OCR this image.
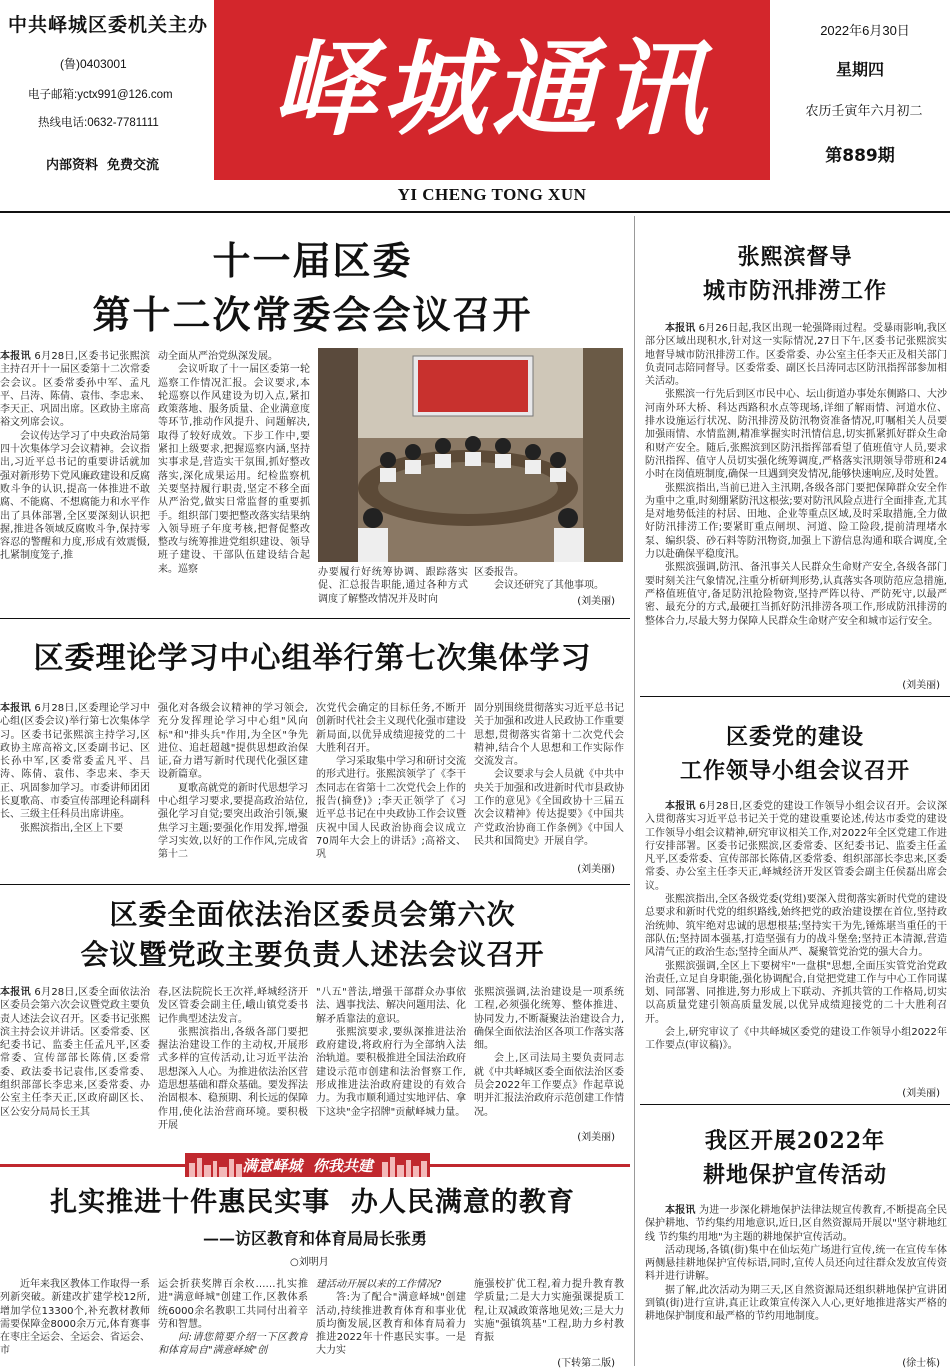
中共峄城区委机关主办
(鲁)0403001
电子邮箱:yctx991@126.com
热线电话:0632-7781111
内部资料  免费交流
峄城通讯
YI CHENG TONG XUN
2022年6月30日
星期四
农历壬寅年六月初二
第889期
十一届区委
第十二次常委会会议召开

本报讯 6月28日,区委书记张熙滨主持召开十一届区委第十二次常委会会议。区委常委孙中军、孟凡平、吕涛、陈倩、袁伟、李忠来、李天正、巩固出席。区政协主席高裕文列席会议。

会议传达学习了中央政治局第四十次集体学习会议精神。会议指出,习近平总书记的重要讲话就加强对新形势下党风廉政建设和反腐败斗争的认识,提高一体推进不敢腐、不能腐、不想腐能力和水平作出了具体部署,全区要深刻认识把握,推进各领域反腐败斗争,保持零容忍的警醒和力度,形成有效震慑,扎紧制度笼子,推

动全面从严治党纵深发展。

会议听取了十一届区委第一轮巡察工作情况汇报。会议要求,本轮巡察以作风建设为切入点,紧扣政策落地、服务质量、企业满意度等环节,推动作风提升、问题解决,取得了较好成效。下步工作中,要紧扣上级要求,把握巡察内涵,坚持实事求是,营造实干氛围,抓好整改落实,深化成果运用。纪检监察机关要坚持履行职责,坚定不移全面从严治党,做实日常监督的重要抓手。组织部门要把整改落实结果纳入领导班子年度考核,把督促整改整改与统筹推进党组织建设、领导班子建设、干部队伍建设结合起来。巡察	办要履行好统筹协调、跟踪落实促、汇总报告职能,通过各种方式调度了解整改情况并及时向

区委报告。

会议还研究了其他事项。

(刘美丽)
区委理论学习中心组举行第七次集体学习

本报讯 6月28日,区委理论学习中心组(区委会议)举行第七次集体学习。区委书记张熙滨主持学习,区政协主席高裕文,区委副书记、区长孙中军,区委常委孟凡平、吕涛、陈倩、袁伟、李忠来、李天正、巩固参加学习。市委讲师团团长夏歌高、市委宣传部理论科副科长、三级主任科员出席讲座。

张熙滨指出,全区上下要

强化对各级会议精神的学习领会,充分发挥理论学习中心组"风向标"和"排头兵"作用,为全区"争先进位、追赶超越"提供思想政治保证,奋力谱写新时代现代化强区建设新篇章。

夏歌高就党的新时代思想学习中心组学习要求,要提高政治站位,强化学习自觉;要突出政治引领,聚焦学习主题;要强化作用发挥,增强学习实效,以好的工作作风,完成省第十二

次党代会确定的目标任务,不断开创新时代社会主义现代化强市建设新局面,以优异成绩迎接党的二十大胜利召开。

学习采取集中学习和研讨交流的形式进行。张熙滨领学了《李干杰同志在省第十二次党代会上作的报告(摘登)》;李天正领学了《习近平总书记在中央政协工作会议暨庆祝中国人民政治协商会议成立70周年大会上的讲话》;高裕文、巩

固分别围绕贯彻落实习近平总书记关于加强和改进人民政协工作重要思想,贯彻落实省第十二次党代会精神,结合个人思想和工作实际作交流发言。

会议要求与会人员就《中共中央关于加强和改进新时代市县政协工作的意见》《全国政协十三届五次会议精神》传达提要》《中国共产党政治协商工作条例》《中国人民共和国简史》开展自学。

(刘美丽)
区委全面依法治区委员会第六次
会议暨党政主要负责人述法会议召开

本报讯 6月28日,区委全面依法治区委员会第六次会议暨党政主要负责人述法会议召开。区委书记张熙滨主持会议并讲话。区委常委、区纪委书记、监委主任孟凡平,区委常委、宣传部部长陈倩,区委常委、政法委书记袁伟,区委常委、组织部部长李忠来,区委常委、办公室主任李天正,区政府副区长、区公安分局局长王其

春,区法院院长王次祥,峄城经济开发区管委会副主任,峨山镇党委书记作典型述法发言。

张熙滨指出,各级各部门要把握法治建设工作的主动权,开展形式多样的宣传活动,让习近平法治思想深入人心。为推进依法治区营造思想基础和群众基础。要发挥法治固根本、稳预期、利长远的保障作用,使化法治营商环境。要积极开展

"八五"普法,增强干部群众办事依法、遇事找法、解决问题用法、化解矛盾靠法的意识。

张熙滨要求,要纵深推进法治政府建设,将政府行为全部纳入法治轨道。要积极推进全国法治政府建设示范市创建和法治督察工作,形成推进法治政府建设的有效合力。为我市顺利通过实地评估、拿下这块"金字招牌"贡献峄城力量。

张熙滨强调,法治建设是一项系统工程,必须强化统筹、整体推进、协同发力,不断凝聚法治建设合力,确保全面依法治区各项工作落实落细。

会上,区司法局主要负责同志就《中共峄城区委全面依法治区委员会2022年工作要点》作起草说明并汇报法治政府示范创建工作情况。

(刘美丽)
满意峄城  你我共建
扎实推进十件惠民实事  办人民满意的教育
——访区教育和体育局局长张勇
○刘明月

近年来我区教体工作取得一系列新突破。新建改扩建学校12所,增加学位13300个,补充教材教师需要保障金8000余万元,体育赛事在枣庄全运会、全运会、省运会、市

运会折获奖牌百余枚……扎实推进"满意峄城"创建工作,区教体系统6000余名教职工共同付出着辛劳和智慧。

问:请您简要介绍一下区教育和体育局自"满意峄城"创

建活动开展以来的工作情况?

答:为了配合"满意峄城"创建活动,持续推进教育体育和事业优质均衡发展,区教育和体育局着力推进2022年十件惠民实事。一是大力实

施强校扩优工程,着力提升教育教学质量;二是大力实施强课提质工程,让双减政策落地见效;三是大力实施"强镇筑基"工程,助力乡村教育振

(下转第二版)
张熙滨督导
城市防汛排涝工作

本报讯 6月26日起,我区出现一轮强降雨过程。受暴雨影响,我区部分区域出现积水,针对这一实际情况,27日下午,区委书记张熙滨实地督导城市防汛排涝工作。区委常委、办公室主任李天正及相关部门负责同志陪同督导。区委常委、副区长吕涛同志区防汛指挥部参加相关活动。

张熙滨一行先后到区市民中心、坛山街道办事处东侧路口、大沙河南外环大桥、科达西路积水点等现场,详细了解雨情、河道水位、排水设施运行状况、防汛排涝及防汛物资准备情况,叮嘱相关人员要加强雨情、水情监测,精准掌握实时汛情信息,切实抓紧抓好群众生命和财产安全。随后,张熙滨到区防汛指挥部看望了值班值守人员,要求防汛指挥、值守人员切实强化统筹调度,严格落实汛期领导带班和24小时在岗值班制度,确保一旦遇到突发情况,能够快速响应,及时处置。

张熙滨指出,当前已进入主汛期,各级各部门要把保障群众安全作为重中之重,时刻绷紧防汛这根弦;要对防汛风险点进行全面排查,尤其是对地势低洼的村居、田地、企业等重点区域,及时采取措施,全力做好防汛排涝工作;要紧盯重点闸坝、河道、险工险段,提前清理堵水泵、编织袋、砂石料等防汛物资,加强上下游信息沟通和联合调度,全力以赴确保平稳度汛。

张熙滨强调,防汛、备汛事关人民群众生命财产安全,各级各部门要时刻关注气象情况,注重分析研判形势,认真落实各项防范应急措施,严格值班值守,备足防汛抢险物资,坚持严阵以待、严防死守,以最严密、最充分的方式,最硬扛当抓好防汛排涝各项工作,形成防汛排涝的整体合力,尽最大努力保障人民群众生命财产安全和城市运行安全。

(刘美丽)
区委党的建设
工作领导小组会议召开

本报讯 6月28日,区委党的建设工作领导小组会议召开。会议深入贯彻落实习近平总书记关于党的建设重要论述,传达市委党的建设工作领导小组会议精神,研究审议相关工作,对2022年全区党建工作进行安排部署。区委书记张熙滨,区委常委、区纪委书记、监委主任孟凡平,区委常委、宣传部部长陈倩,区委常委、组织部部长李忠来,区委常委、办公室主任李天正,峄城经济开发区管委会副主任侯磊出席会议。

张熙滨指出,全区各级党委(党组)要深入贯彻落实新时代党的建设总要求和新时代党的组织路线,始终把党的政治建设摆在首位,坚持政治统帅、筑牢绝对忠诚的思想根基;坚持实干为先,锤炼堪当重任的干部队伍;坚持固本强基,打造坚强有力的战斗堡垒;坚持正本清源,营造风清气正的政治生态;坚持全面从严、凝聚管党治党的强大合力。

张熙滨强调,全区上下要树牢"一盘棋"思想,全面压实管党治党政治责任,立足自身职能,强化协调配合,自觉把党建工作与中心工作同谋划、同部署、同推进,努力形成上下联动、齐抓共管的工作格局,切实以高质量党建引领高质量发展,以优异成绩迎接党的二十大胜利召开。

会上,研究审议了《中共峄城区委党的建设工作领导小组2022年工作要点(审议稿)》。

(刘美丽)
我区开展2022年
耕地保护宣传活动

本报讯 为进一步深化耕地保护法律法规宣传教育,不断提高全民保护耕地、节约集约用地意识,近日,区自然资源局开展以"坚守耕地红线 节约集约用地"为主题的耕地保护宣传活动。

活动现场,各镇(街)集中在仙坛苑广场进行宣传,统一在宣传车体两侧悬挂耕地保护宣传标语,同时,宣传人员还向过往群众发放宣传资料并进行讲解。

据了解,此次活动为期三天,区自然资源局还组织耕地保护宣讲团到镇(街)进行宣讲,真正让政策宣传深入人心,更好地推进落实严格的耕地保护制度和最严格的节约用地制度。

(徐士栋)
